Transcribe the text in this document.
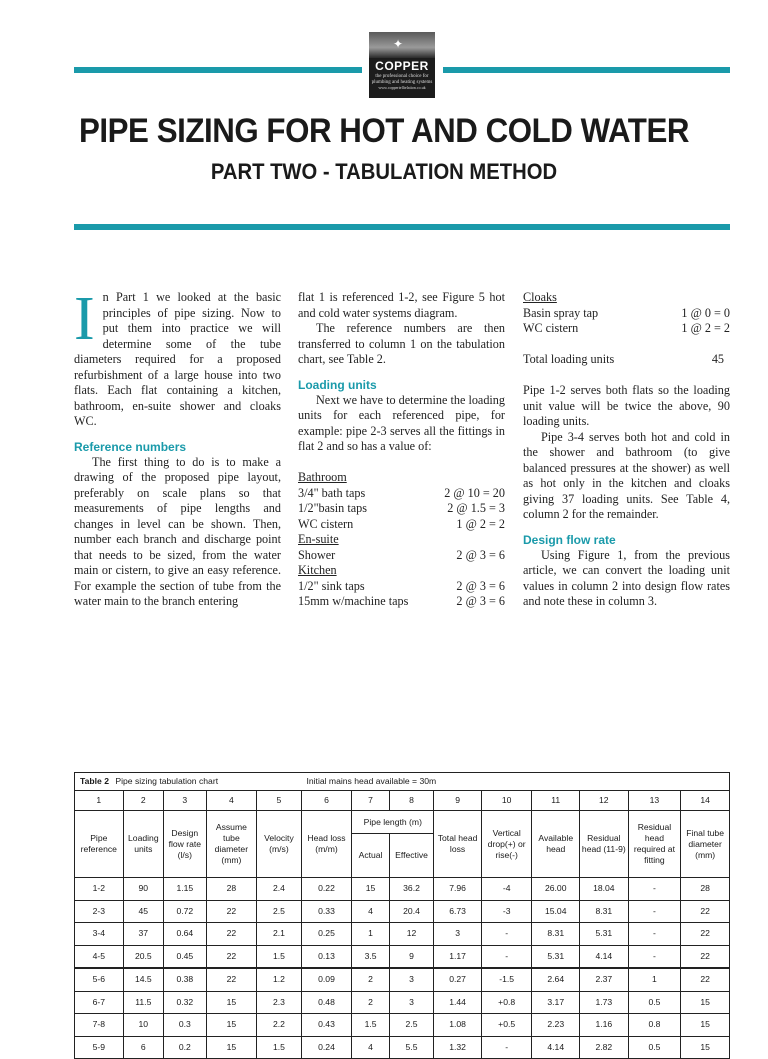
✦
COPPER
the professional choice for plumbing and heating systems
www.coppertelltelation.co.uk
PIPE SIZING FOR HOT AND COLD WATER
PART TWO - TABULATION METHOD

In Part 1 we looked at the basic principles of pipe sizing. Now to put them into practice we will determine some of the tube diameters required for a proposed refurbishment of a large house into two flats. Each flat containing a kitchen, bathroom, en-suite shower and cloaks WC.

Reference numbers

The first thing to do is to make a drawing of the proposed pipe layout, preferably on scale plans so that measurements of pipe lengths and changes in level can be shown. Then, number each branch and discharge point that needs to be sized, from the water main or cistern, to give an easy reference. For example the section of tube from the water main to the branch entering

flat 1 is referenced 1-2, see Figure 5 hot and cold water systems diagram.

The reference numbers are then transferred to column 1 on the tabulation chart, see Table 2.

Loading units

Next we have to determine the loading units for each referenced pipe, for example: pipe 2-3 serves all the fittings in flat 2 and so has a value of:

Bathroom
3/4" bath taps	2 @ 10 = 20
1/2"basin taps	2 @ 1.5 = 3
WC cistern	1 @ 2 = 2
En-suite
Shower	2 @ 3 = 6
Kitchen
1/2" sink taps	2 @ 3 = 6
15mm w/machine taps	2 @ 3 = 6
Cloaks
Basin spray tap	1 @ 0 = 0
WC cistern	1 @ 2 = 2
Total loading units	45

Pipe 1-2 serves both flats so the loading unit value will be twice the above, 90 loading units.

Pipe 3-4 serves both hot and cold in the shower and bathroom (to give balanced pressures at the shower) as well as hot only in the kitchen and cloaks giving 37 loading units. See Table 4, column 2 for the remainder.

Design flow rate

Using Figure 1, from the previous article, we can convert the loading unit values in column 2 into design flow rates and note these in column 3.

Table 2 Pipe sizing tabulation chart Initial mains head available = 30m													
1	2	3	4	5	6	7	8	9	10	11	12	13	14
Pipe reference	Loading units	Design flow rate (l/s)	Assume tube diameter (mm)	Velocity (m/s)	Head loss (m/m)	Pipe length (m)		Total head loss	Vertical drop(+) or rise(-)	Available head	Residual head (11-9)	Residual head required at fitting	Final tube diameter (mm)
						Actual	Effective						
1-2	90	1.15	28	2.4	0.22	15	36.2	7.96	-4	26.00	18.04	-	28
2-3	45	0.72	22	2.5	0.33	4	20.4	6.73	-3	15.04	8.31	-	22
3-4	37	0.64	22	2.1	0.25	1	12	3	-	8.31	5.31	-	22
4-5	20.5	0.45	22	1.5	0.13	3.5	9	1.17	-	5.31	4.14	-	22
5-6	14.5	0.38	22	1.2	0.09	2	3	0.27	-1.5	2.64	2.37	1	22
6-7	11.5	0.32	15	2.3	0.48	2	3	1.44	+0.8	3.17	1.73	0.5	15
7-8	10	0.3	15	2.2	0.43	1.5	2.5	1.08	+0.5	2.23	1.16	0.8	15
5-9	6	0.2	15	1.5	0.24	4	5.5	1.32	-	4.14	2.82	0.5	15
